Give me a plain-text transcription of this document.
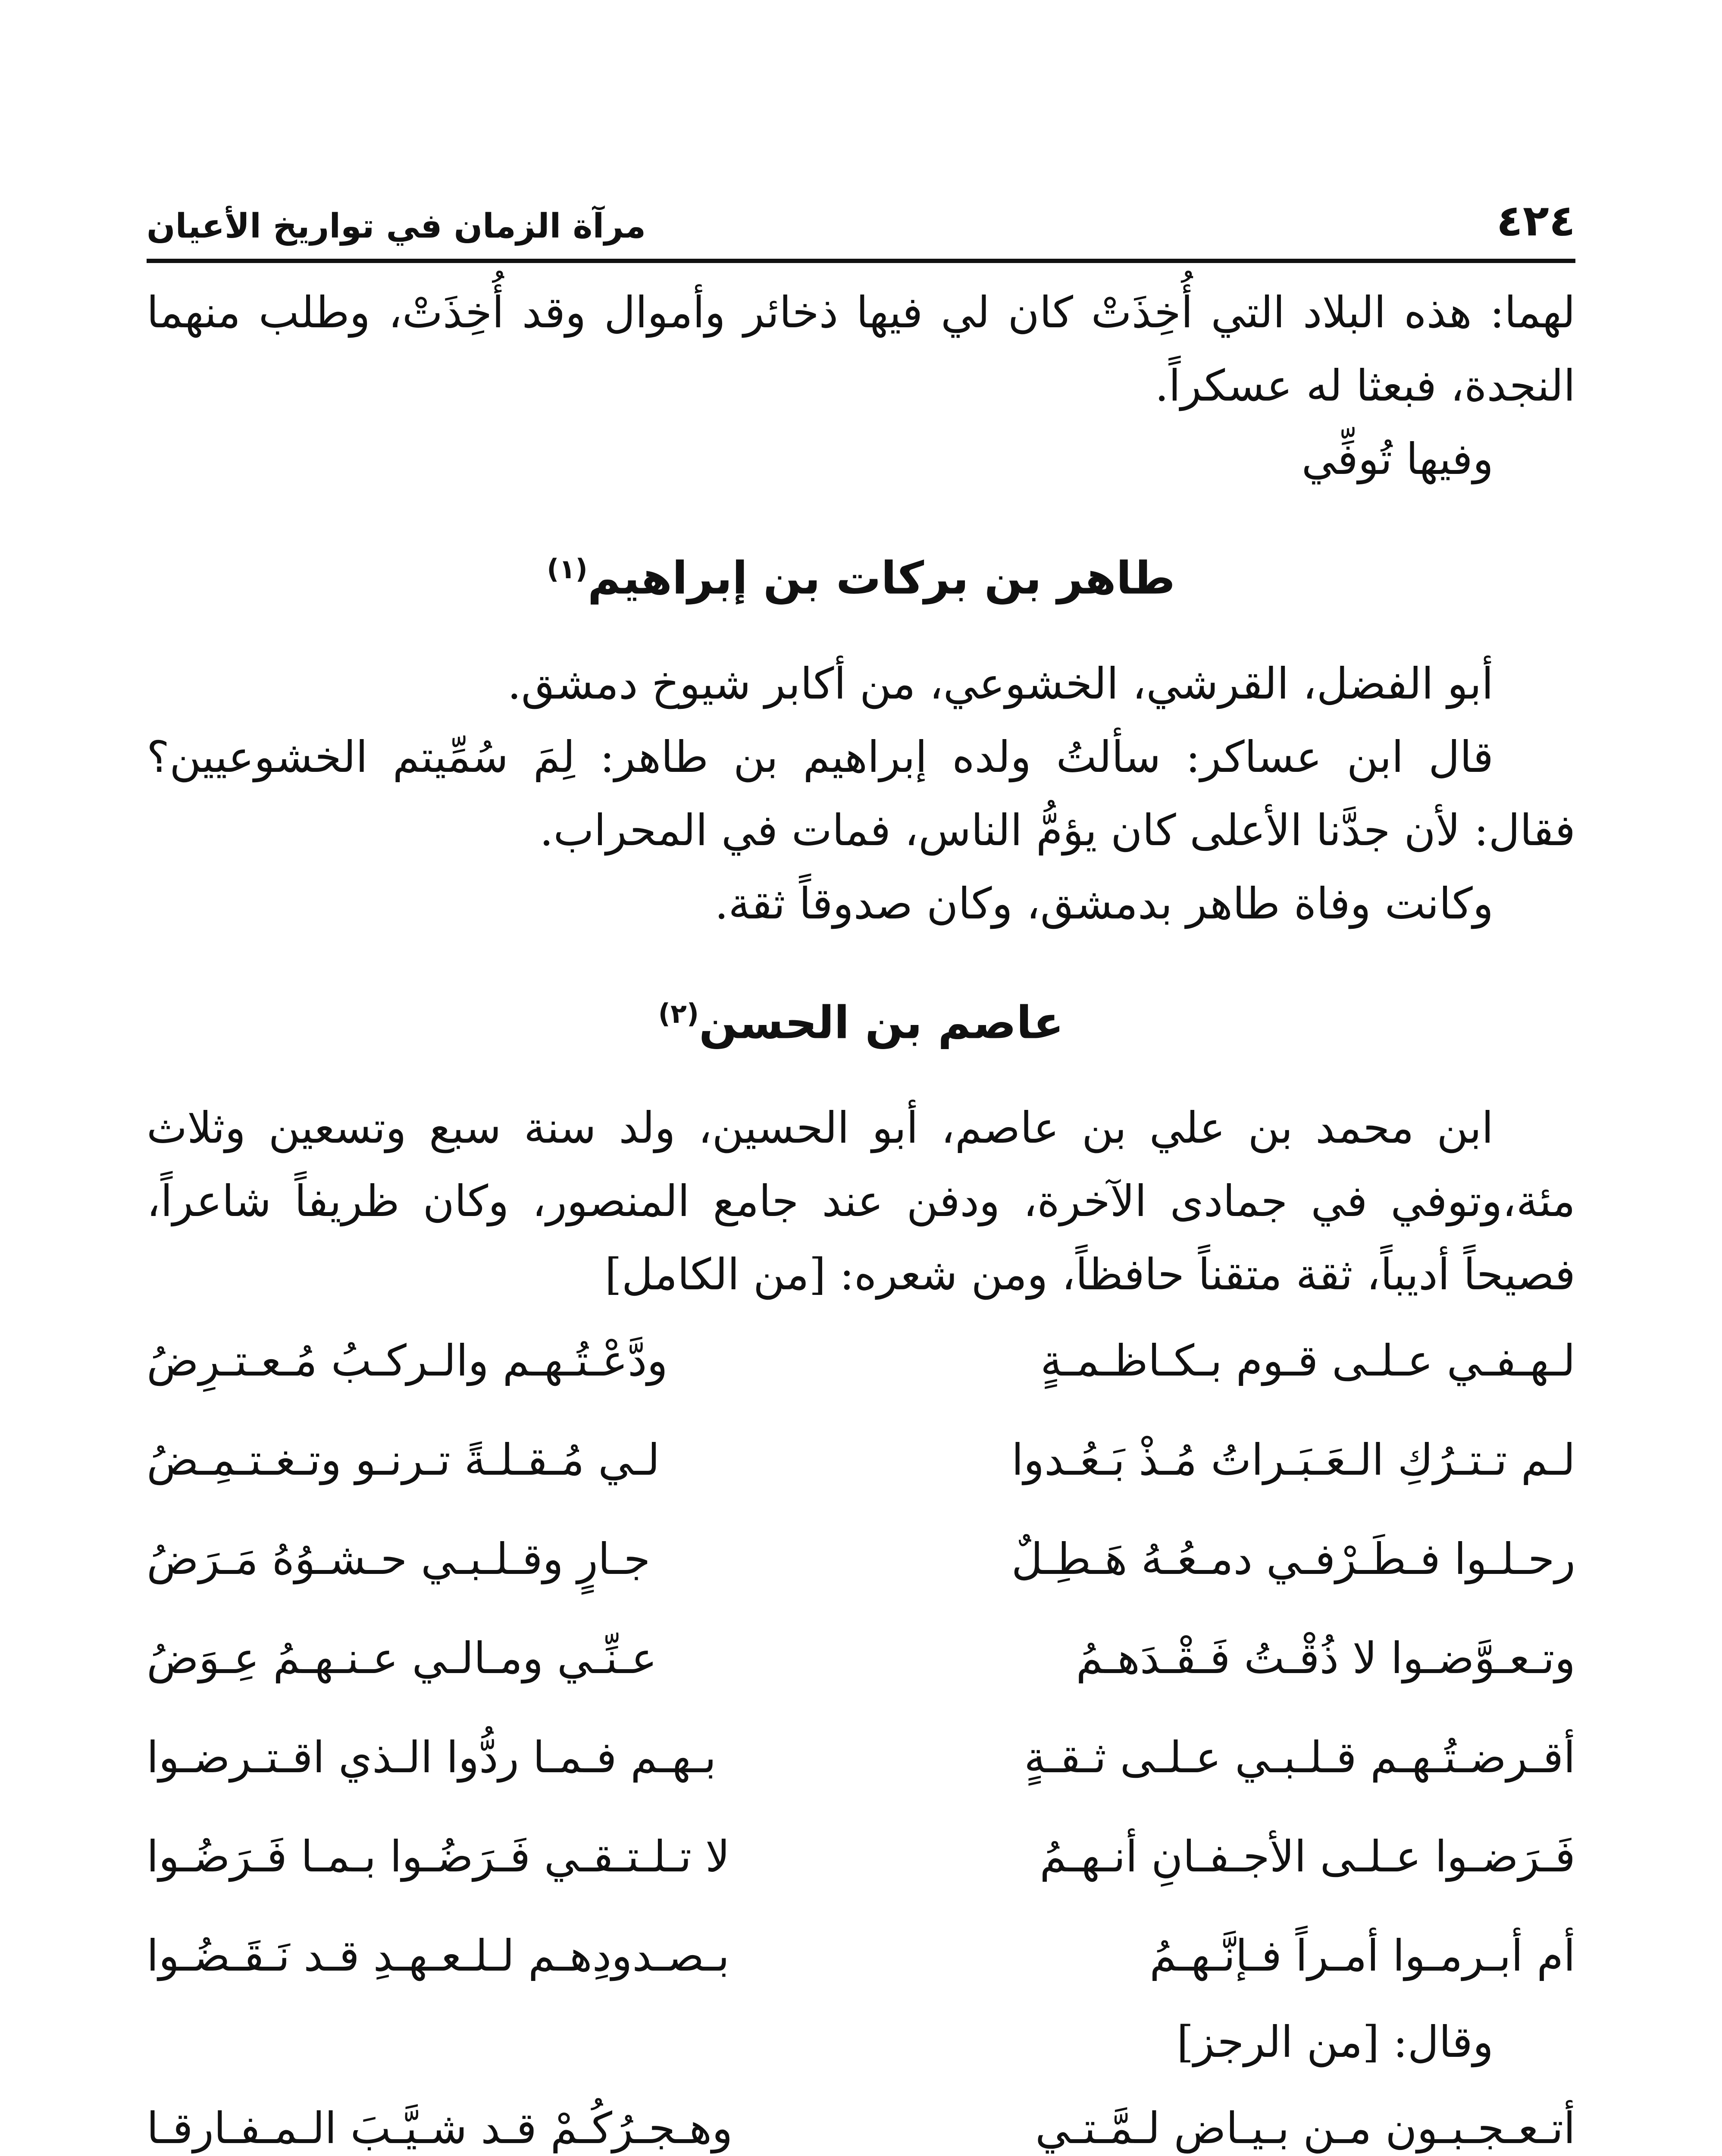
٤٢٤
مرآة الزمان في تواريخ الأعيان

لهما: هذه البلاد التي أُخِذَتْ كان لي فيها ذخائر وأموال وقد أُخِذَتْ، وطلب منهما النجدة، فبعثا له عسكراً.

وفيها تُوفِّي

طاهر بن بركات بن إبراهيم$^{(١)}$

أبو الفضل، القرشي، الخشوعي، من أكابر شيوخ دمشق.

قال ابن عساكر: سألتُ ولده إبراهيم بن طاهر: لِمَ سُمِّيتم الخشوعيين؟ فقال: لأن جدَّنا الأعلى كان يؤمُّ الناس، فمات في المحراب.

وكانت وفاة طاهر بدمشق، وكان صدوقاً ثقة.

عاصم بن الحسن$^{(٢)}$

ابن محمد بن علي بن عاصم، أبو الحسين، ولد سنة سبع وتسعين وثلاث مئة،وتوفي في جمادى الآخرة، ودفن عند جامع المنصور، وكان ظريفاً شاعراً، فصيحاً أديباً، ثقة متقناً حافظاً، ومن شعره: [من الكامل]

لـهـفـي عـلـى قـوم بـكـاظـمـةٍ
ودَّعْـتُـهـم والـركـبُ مُـعـتـرِضُ
لـم تـتـرُكِ الـعَـبَـراتُ مُـذْ بَـعُـدوا
لـي مُـقـلـةً تـرنـو وتـغـتـمِـضُ
رحـلـوا فـطَـرْفـي دمـعُـهُ هَـطِـلٌ
جـارٍ وقـلـبـي حـشـوُهُ مَـرَضُ
وتـعـوَّضـوا لا ذُقْـتُ فَـقْـدَهـمُ
عـنِّـي ومـالـي عـنـهـمُ عِـوَضُ
أقـرضـتُـهـم قـلـبـي عـلـى ثـقـةٍ
بـهـم فـمـا ردُّوا الـذي اقـتـرضـوا
فَـرَضـوا عـلـى الأجـفـانِ أنـهـمُ
لا تـلـتـقـي فَـرَضُـوا بـمـا فَـرَضُـوا
أم أبـرمـوا أمـراً فـإنَّـهـمُ
بـصـدودِهـم لـلـعـهـدِ قـد نَـقَـضُـوا

وقال: [من الرجز]

أتـعـجـبـون مـن بـيـاض لـمَّـتـي
وهـجـرُكُـمْ قـد شـيَّـبَ الـمـفـارقـا
